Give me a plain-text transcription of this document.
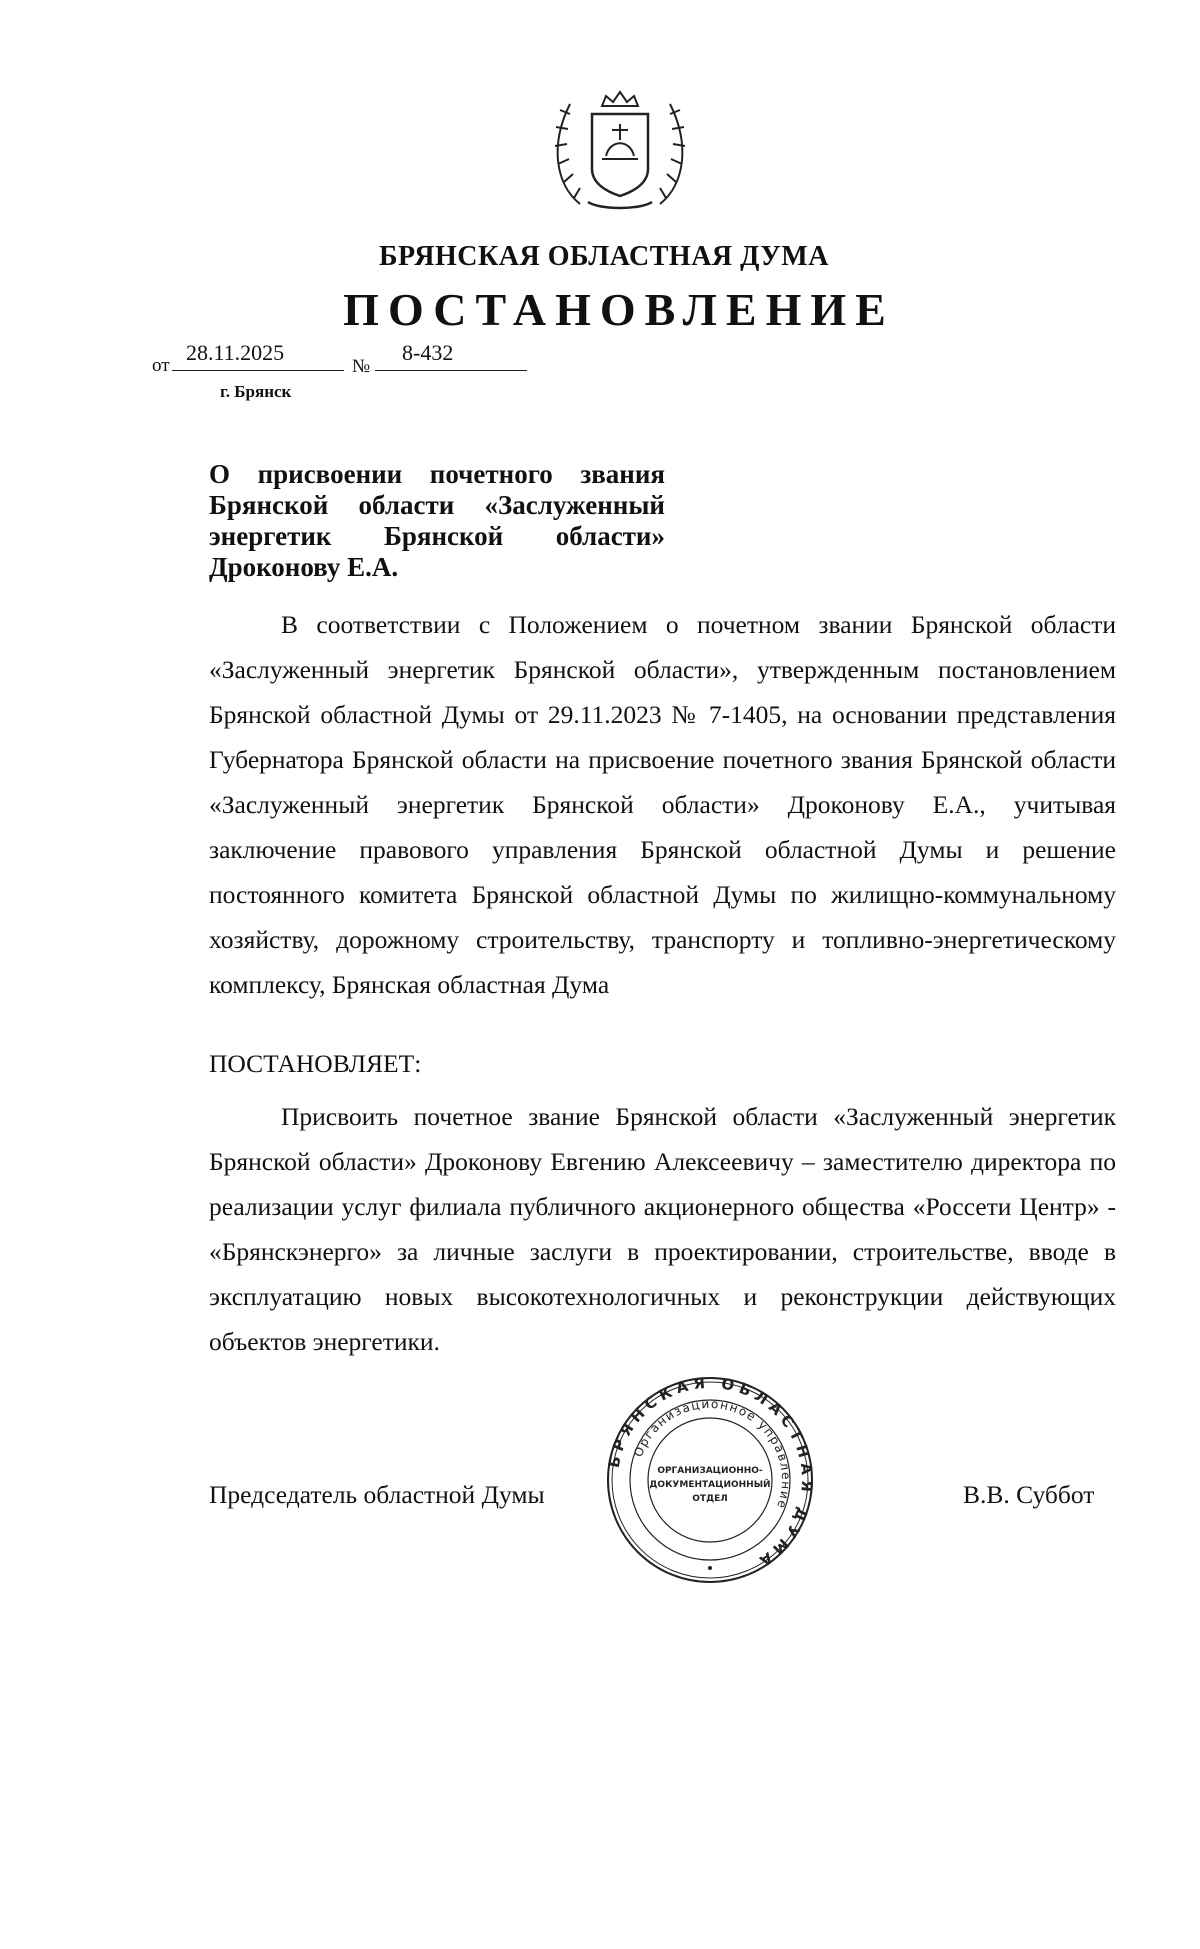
БРЯНСКАЯ ОБЛАСТНАЯ ДУМА
ПОСТАНОВЛЕНИЕ
от
28.11.2025
№
8-432
г. Брянск
О присвоении почетного звания
Брянской области «Заслуженный
энергетик Брянской области»
Дроконову Е.А.
В соответствии с Положением о почетном звании Брянской области «Заслуженный энергетик Брянской области», утвержденным постановлением Брянской областной Думы от 29.11.2023 № 7-1405, на основании представления Губернатора Брянской области на присвоение почетного звания Брянской области «Заслуженный энергетик Брянской области» Дроконову Е.А., учитывая заключение правового управления Брянской областной Думы и решение постоянного комитета Брянской областной Думы по жилищно-коммунальному хозяйству, дорожному строительству, транспорту и топливно-энергетическому комплексу, Брянская областная Дума
ПОСТАНОВЛЯЕТ:
Присвоить почетное звание Брянской области «Заслуженный энергетик Брянской области» Дроконову Евгению Алексеевичу – заместителю директора по реализации услуг филиала публичного акционерного общества «Россети Центр» - «Брянскэнерго» за личные заслуги в проектировании, строительстве, вводе в эксплуатацию новых высокотехнологичных и реконструкции действующих объектов энергетики.
Председатель областной Думы	В.В. Суббот
БРЯНСКАЯ ОБЛАСТНАЯ ДУМА
Организационное управление
ОРГАНИЗАЦИОННО-
ДОКУМЕНТАЦИОННЫЙ
ОТДЕЛ
